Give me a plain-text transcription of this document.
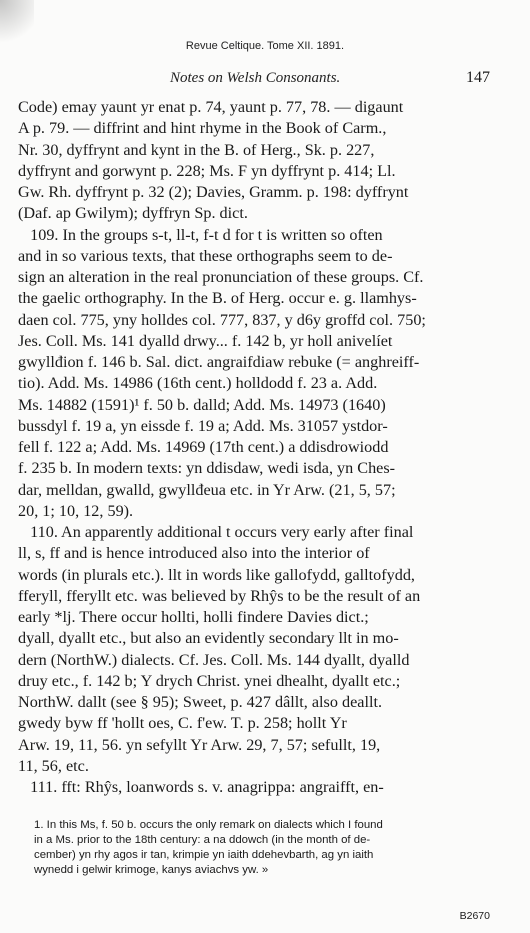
Revue Celtique. Tome XII. 1891.
Notes on Welsh Consonants.	147
Code) emay yaunt yr enat p. 74, yaunt p. 77, 78. — digaunt
A p. 79. — diffrint and hint rhyme in the Book of Carm.,
Nr. 30, dyffrynt and kynt in the B. of Herg., Sk. p. 227,
dyffrynt and gorwynt p. 228; Ms. F yn dyffrynt p. 414; Ll.
Gw. Rh. dyffrynt p. 32 (2); Davies, Gramm. p. 198: dyffrynt
(Daf. ap Gwilym); dyffryn Sp. dict.
109. In the groups s-t, ll-t, f-t d for t is written so often
and in so various texts, that these orthographs seem to de-
sign an alteration in the real pronunciation of these groups. Cf.
the gaelic orthography. In the B. of Herg. occur e. g. llamhys-
daen col. 775, yny holldes col. 777, 837, y d6y groffd col. 750;
Jes. Coll. Ms. 141 dyalld drwy... f. 142 b, yr holl anivelíet
gwyllđion f. 146 b. Sal. dict. angraifdiaw rebuke (= anghreiff-
tio). Add. Ms. 14986 (16th cent.) holldodd f. 23 a. Add.
Ms. 14882 (1591)¹ f. 50 b. dalld; Add. Ms. 14973 (1640)
bussdyl f. 19 a, yn eissde f. 19 a; Add. Ms. 31057 ystdor-
fell f. 122 a; Add. Ms. 14969 (17th cent.) a ddisdrowiodd
f. 235 b. In modern texts: yn ddisdaw, wedi isda, yn Ches-
dar, melldan, gwalld, gwyllđeua etc. in Yr Arw. (21, 5, 57;
20, 1; 10, 12, 59).
110. An apparently additional t occurs very early after final
ll, s, ff and is hence introduced also into the interior of
words (in plurals etc.). llt in words like gallofydd, galltofydd,
fferyll, fferyllt etc. was believed by Rhŷs to be the result of an
early *lj. There occur hollti, holli findere Davies dict.;
dyall, dyallt etc., but also an evidently secondary llt in mo-
dern (NorthW.) dialects. Cf. Jes. Coll. Ms. 144 dyallt, dyalld
druy etc., f. 142 b; Y drych Christ. ynei dhealht, dyallt etc.;
NorthW. dallt (see § 95); Sweet, p. 427 dâllt, also deallt.
gwedy byw ff 'hollt oes, C. f'ew. T. p. 258; hollt Yr
Arw. 19, 11, 56. yn sefyllt Yr Arw. 29, 7, 57; sefullt, 19,
11, 56, etc.
111. fft: Rhŷs, loanwords s. v. anagrippa: angraifft, en-
1. In this Ms, f. 50 b. occurs the only remark on dialects which I found
in a Ms. prior to the 18th century: a na ddowch (in the month of de-
cember) yn rhy agos ir tan, krimpie yn iaith ddehevbarth, ag yn iaith
wynedd i gelwir krimoge, kanys aviachvs yw. »
B2670
